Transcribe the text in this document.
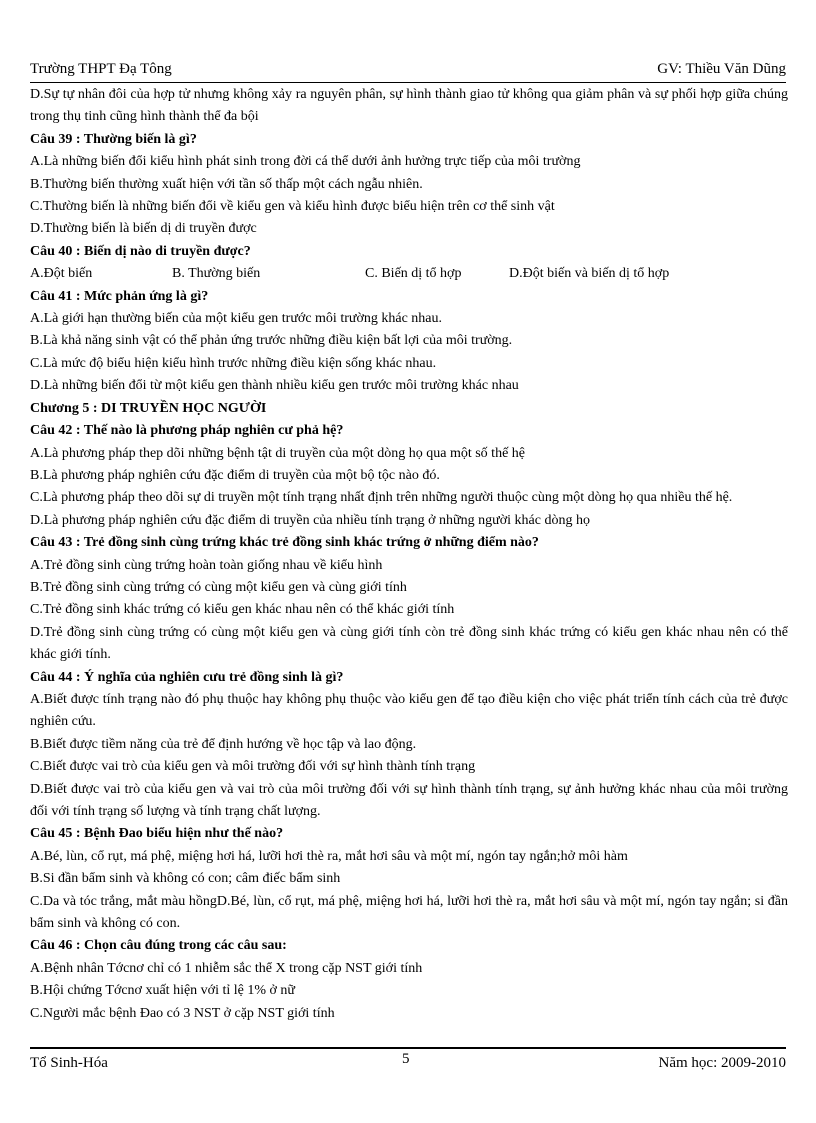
Trường THPT Đạ Tông	GV: Thiều Văn Dũng

D.Sự tự nhân đôi của hợp tử nhưng không xảy ra nguyên phân, sự hình thành giao tử không qua giảm phân và sự phối hợp giữa chúng trong thụ tinh cũng hình thành thể đa bội

Câu 39 : Thường biến là gì?

A.Là những biến đổi kiểu hình phát sinh trong đời cá thể dưới ảnh hưởng trực tiếp của môi trường

B.Thường biến thường xuất hiện với tần số thấp một cách ngẫu nhiên.

C.Thường biến là những biến đổi về kiểu gen và kiểu hình được biểu hiện trên cơ thể sinh vật

D.Thường biến là biến dị di truyền được

Câu 40 : Biến dị nào di truyền được?

A.Đột biến	B. Thường biến	C. Biến dị tổ hợp	D.Đột biến và biến dị tổ hợp

Câu 41 : Mức phản ứng là gì?

A.Là giới hạn thường biến của một kiểu gen trước môi trường khác nhau.

B.Là khả năng sinh vật có thể phản ứng trước những điều kiện bất lợi của môi trường.

C.Là mức độ biểu hiện kiểu hình trước những điều kiện sống khác nhau.

D.Là những biến đổi từ một kiểu gen thành nhiều kiểu gen trước môi trường khác nhau

Chương 5 : DI TRUYỀN HỌC NGƯỜI

Câu 42 : Thế nào là phương pháp nghiên cư phả hệ?

A.Là phương pháp thep dõi những bệnh tật di truyền của một dòng họ qua một số thế hệ

B.Là phương pháp nghiên cứu đặc điểm di truyền của một bộ tộc nào đó.

C.Là phương pháp theo dõi sự di truyền một tính trạng nhất định trên những người thuộc cùng một dòng họ qua nhiều thế hệ.

D.Là phương pháp nghiên cứu đặc điểm di truyền của nhiều tính trạng ở những người khác dòng họ

Câu 43 : Trẻ đồng sinh cùng trứng khác trẻ đồng sinh khác trứng ở những điểm nào?

A.Trẻ đồng sinh cùng trứng hoàn toàn giống nhau về kiểu hình

B.Trẻ đồng sinh cùng trứng có cùng một kiểu gen và cùng giới tính

C.Trẻ đồng sinh khác trứng có kiểu gen khác nhau nên có thể khác giới tính

D.Trẻ đồng sinh cùng trứng có cùng một kiểu gen và cùng giới tính còn trẻ đồng sinh khác trứng có kiểu gen khác nhau nên có thể khác giới tính.

Câu 44 : Ý nghĩa của nghiên cưu trẻ đồng sinh là gì?

A.Biết được tính trạng nào đó phụ thuộc hay không phụ thuộc vào kiểu gen để tạo điều kiện cho việc phát triển tính cách của trẻ được nghiên cứu.

B.Biết được tiềm năng của trẻ để định hướng về học tập và lao động.

C.Biết được vai trò của kiểu gen và môi trường đối với sự hình thành tính trạng

D.Biết được vai trò của kiểu gen và vai trò của môi trường đối với sự hình thành tính trạng, sự ảnh hưởng khác nhau của môi trường đối với tính trạng số lượng và tính trạng chất lượng.

Câu 45 : Bệnh Đao biểu hiện như thế nào?

A.Bé, lùn, cổ rụt, má phệ, miệng hơi há, lưỡi hơi thè ra, mắt hơi sâu và một mí, ngón tay ngắn;hở môi hàm

B.Si đần bẩm sinh và không có con; câm điếc bẩm sinh

C.Da và tóc trắng, mắt màu hồngD.Bé, lùn, cổ rụt, má phệ, miệng hơi há, lưỡi hơi thè ra, mắt hơi sâu và một mí, ngón tay ngắn; si đần bẩm sinh và không có con.

Câu 46 : Chọn câu đúng trong các câu sau:

A.Bệnh nhân Tớcnơ chỉ có 1 nhiễm sắc thể X trong cặp NST giới tính

B.Hội chứng Tớcnơ xuất hiện với tỉ lệ 1% ở nữ

C.Người mắc bệnh Đao có 3 NST ở cặp NST giới tính

Tổ Sinh-Hóa	5	Năm học: 2009-2010
